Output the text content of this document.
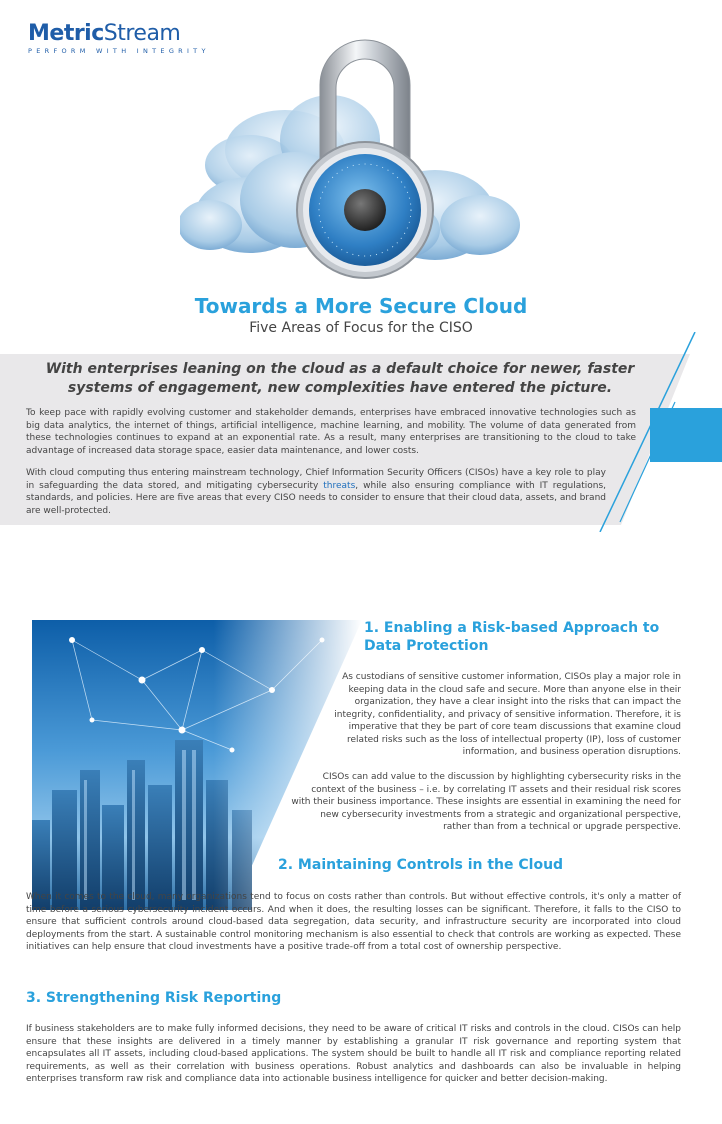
MetricStream
PERFORM WITH INTEGRITY
Towards a More Secure Cloud
Five Areas of Focus for the CISO
With enterprises leaning on the cloud as a default choice for newer, faster systems of engagement, new complexities have entered the picture.

To keep pace with rapidly evolving customer and stakeholder demands, enterprises have embraced innovative technologies such as big data analytics, the internet of things, artificial intelligence, machine learning, and mobility. The volume of data generated from these technologies continues to expand at an exponential rate. As a result, many enterprises are transitioning to the cloud to take advantage of increased data storage space, easier data maintenance, and lower costs.

With cloud computing thus entering mainstream technology, Chief Information Security Officers (CISOs) have a key role to play in safeguarding the data stored, and mitigating cybersecurity threats, while also ensuring compliance with IT regulations, standards, and policies. Here are five areas that every CISO needs to consider to ensure that their cloud data, assets, and brand are well-protected.

1. Enabling a Risk-based Approach to Data Protection

As custodians of sensitive customer information, CISOs play a major role in keeping data in the cloud safe and secure. More than anyone else in their organization, they have a clear insight into the risks that can impact the integrity, confidentiality, and privacy of sensitive information. Therefore, it is imperative that they be part of core team discussions that examine cloud related risks such as the loss of intellectual property (IP), loss of customer information, and business operation disruptions.

CISOs can add value to the discussion by highlighting cybersecurity risks in the context of the business – i.e. by correlating IT assets and their residual risk scores with their business importance. These insights are essential in examining the need for new cybersecurity investments from a strategic and organizational perspective, rather than from a technical or upgrade perspective.

2. Maintaining Controls in the Cloud

When it comes to the cloud, many organizations tend to focus on costs rather than controls. But without effective controls, it's only a matter of time before a serious cybersecurity incident occurs. And when it does, the resulting losses can be significant. Therefore, it falls to the CISO to ensure that sufficient controls around cloud-based data segregation, data security, and infrastructure security are incorporated into cloud deployments from the start. A sustainable control monitoring mechanism is also essential to check that controls are working as expected. These initiatives can help ensure that cloud investments have a positive trade-off from a total cost of ownership perspective.

3. Strengthening Risk Reporting

If business stakeholders are to make fully informed decisions, they need to be aware of critical IT risks and controls in the cloud. CISOs can help ensure that these insights are delivered in a timely manner by establishing a granular IT risk governance and reporting system that encapsulates all IT assets, including cloud-based applications. The system should be built to handle all IT risk and compliance reporting related requirements, as well as their correlation with business operations. Robust analytics and dashboards can also be invaluable in helping enterprises transform raw risk and compliance data into actionable business intelligence for quicker and better decision-making.
